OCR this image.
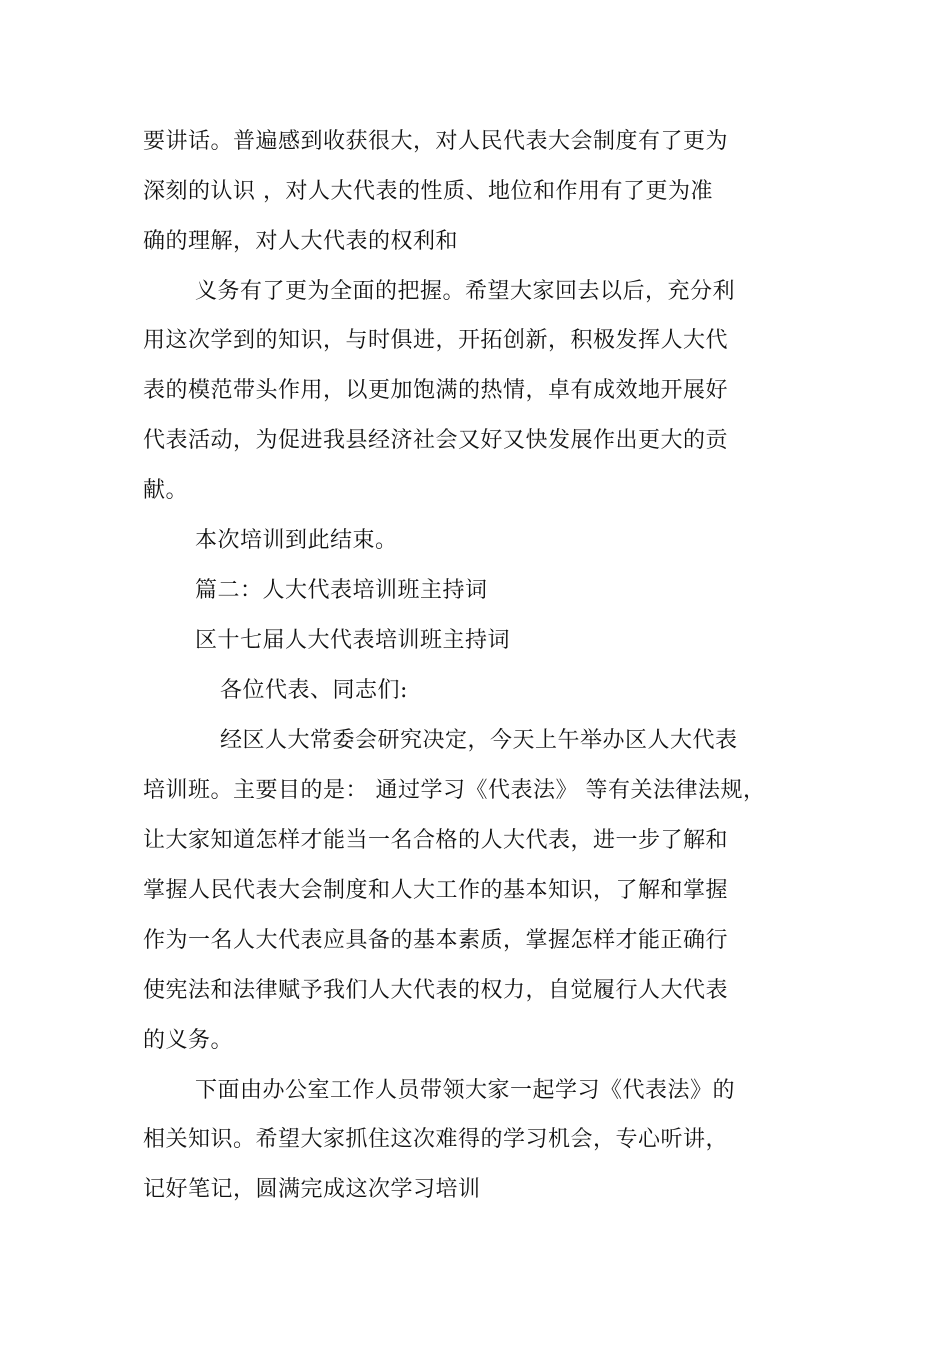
要讲话。普遍感到收获很大，对人民代表大会制度有了更为
深刻的认识 ，对人大代表的性质、地位和作用有了更为准
确的理解，对人大代表的权利和
义务有了更为全面的把握。希望大家回去以后，充分利
用这次学到的知识，与时俱进，开拓创新，积极发挥人大代
表的模范带头作用，以更加饱满的热情，卓有成效地开展好
代表活动，为促进我县经济社会又好又快发展作出更大的贡
献。
本次培训到此结束。
篇二：人大代表培训班主持词
区十七届人大代表培训班主持词
各位代表、同志们:
经区人大常委会研究决定，今天上午举办区人大代表
培训班。主要目的是： 通过学习《代表法》 等有关法律法规，
让大家知道怎样才能当一名合格的人大代表，进一步了解和
掌握人民代表大会制度和人大工作的基本知识，了解和掌握
作为一名人大代表应具备的基本素质，掌握怎样才能正确行
使宪法和法律赋予我们人大代表的权力，自觉履行人大代表
的义务。
下面由办公室工作人员带领大家一起学习《代表法》的
相关知识。希望大家抓住这次难得的学习机会，专心听讲，
记好笔记，圆满完成这次学习培训
